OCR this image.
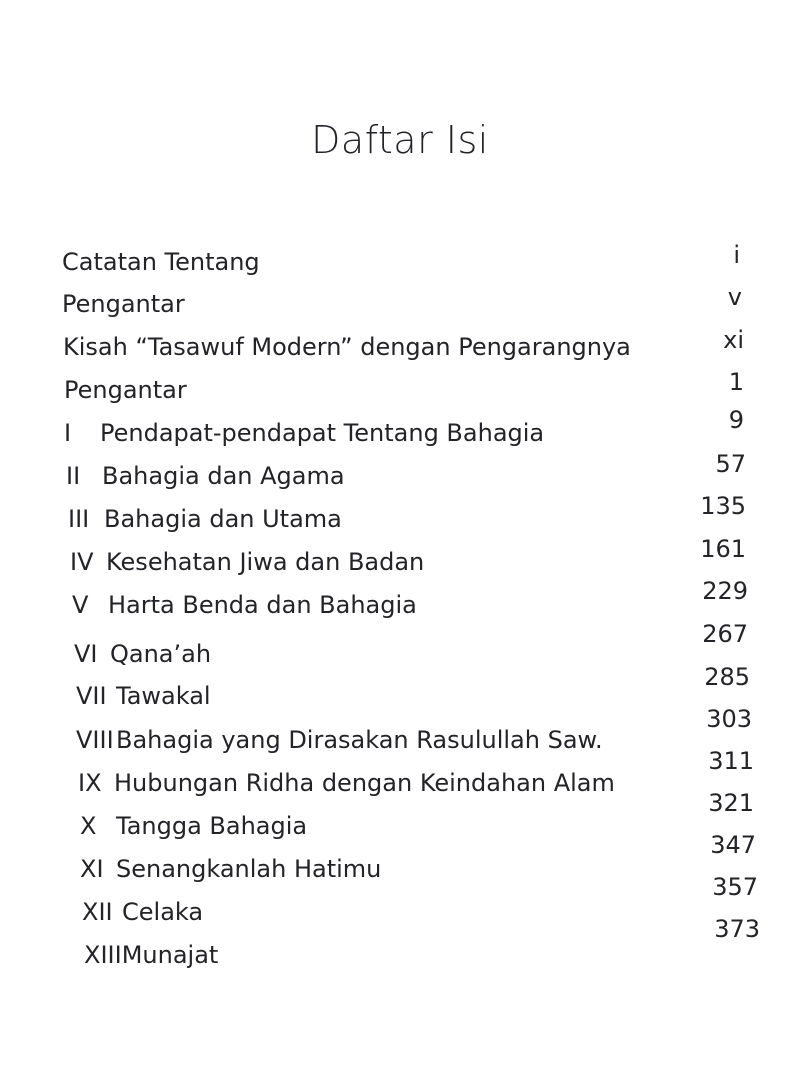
Daftar Isi
Catatan Tentang
Pengantar
Kisah “Tasawuf Modern” dengan Pengarangnya
Pengantar
I Pendapat-pendapat Tentang Bahagia
II Bahagia dan Agama
III Bahagia dan Utama
IV Kesehatan Jiwa dan Badan
V Harta Benda dan Bahagia
VI Qana’ah
VII Tawakal
VIIIBahagia yang Dirasakan Rasulullah Saw.
IX Hubungan Ridha dengan Keindahan Alam
X Tangga Bahagia
XI Senangkanlah Hatimu
XII Celaka
XIIIMunajat
i
v
xi
1
9
57
135
161
229
267
285
303
311
321
347
357
373
